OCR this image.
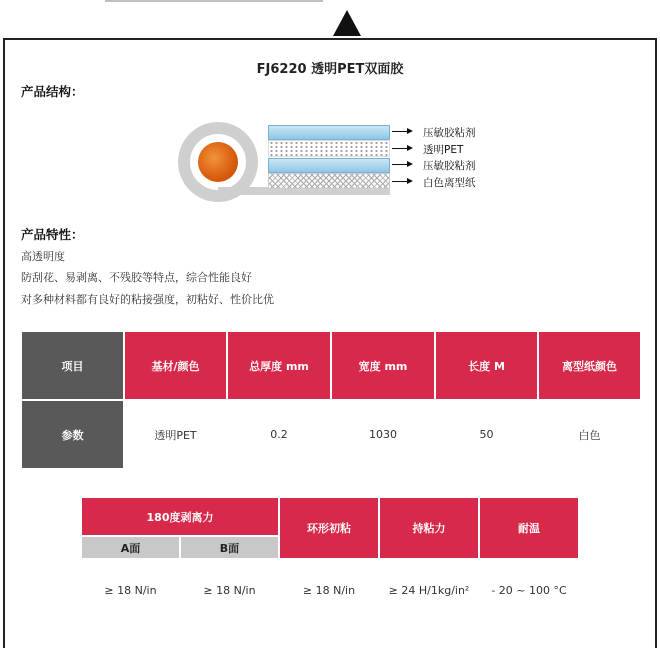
FJ6220 透明PET双面胶
产品结构：
压敏胶粘剂
透明PET
压敏胶粘剂
白色离型纸
产品特性：
高透明度
防刮花、易剥离、不残胶等特点，综合性能良好
对多种材料都有良好的粘接强度，初粘好、性价比优
项目	基材/颜色	总厚度 mm	宽度 mm	长度 M	离型纸颜色
参数	透明PET	0.2	1030	50	白色
180度剥离力		环形初粘	持粘力	耐温
A面	B面			
≥ 18 N/in	≥ 18 N/in	≥ 18 N/in	≥ 24 H/1kg/in²	- 20 ~ 100 °C
